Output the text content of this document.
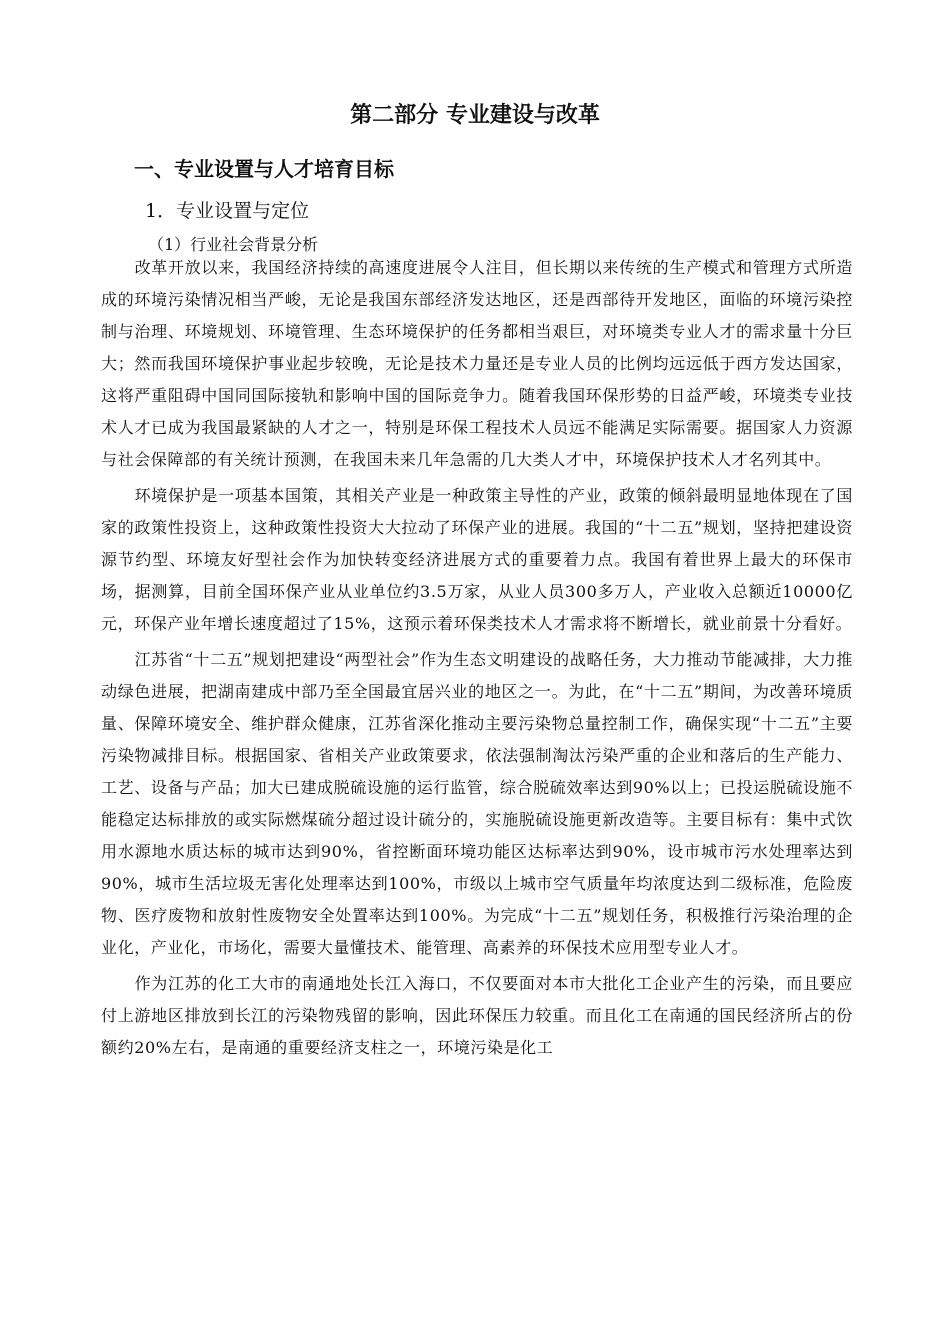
第二部分 专业建设与改革
一、专业设置与人才培育目标
1．专业设置与定位
（1）行业社会背景分析

改革开放以来，我国经济持续的高速度进展令人注目，但长期以来传统的生产模式和管理方式所造成的环境污染情况相当严峻，无论是我国东部经济发达地区，还是西部待开发地区，面临的环境污染控制与治理、环境规划、环境管理、生态环境保护的任务都相当艰巨，对环境类专业人才的需求量十分巨大；然而我国环境保护事业起步较晚，无论是技术力量还是专业人员的比例均远远低于西方发达国家，这将严重阻碍中国同国际接轨和影响中国的国际竞争力。随着我国环保形势的日益严峻，环境类专业技术人才已成为我国最紧缺的人才之一，特别是环保工程技术人员远不能满足实际需要。据国家人力资源与社会保障部的有关统计预测，在我国未来几年急需的几大类人才中，环境保护技术人才名列其中。

环境保护是一项基本国策，其相关产业是一种政策主导性的产业，政策的倾斜最明显地体现在了国家的政策性投资上，这种政策性投资大大拉动了环保产业的进展。我国的“十二五”规划，坚持把建设资源节约型、环境友好型社会作为加快转变经济进展方式的重要着力点。我国有着世界上最大的环保市场，据测算，目前全国环保产业从业单位约3.5万家，从业人员300多万人，产业收入总额近10000亿元，环保产业年增长速度超过了15%，这预示着环保类技术人才需求将不断增长，就业前景十分看好。

江苏省“十二五”规划把建设“两型社会”作为生态文明建设的战略任务，大力推动节能减排，大力推动绿色进展，把湖南建成中部乃至全国最宜居兴业的地区之一。为此，在“十二五”期间，为改善环境质量、保障环境安全、维护群众健康，江苏省深化推动主要污染物总量控制工作，确保实现“十二五”主要污染物减排目标。根据国家、省相关产业政策要求，依法强制淘汰污染严重的企业和落后的生产能力、工艺、设备与产品；加大已建成脱硫设施的运行监管，综合脱硫效率达到90%以上；已投运脱硫设施不能稳定达标排放的或实际燃煤硫分超过设计硫分的，实施脱硫设施更新改造等。主要目标有：集中式饮用水源地水质达标的城市达到90%，省控断面环境功能区达标率达到90%，设市城市污水处理率达到90%，城市生活垃圾无害化处理率达到100%，市级以上城市空气质量年均浓度达到二级标准，危险废物、医疗废物和放射性废物安全处置率达到100%。为完成“十二五”规划任务，积极推行污染治理的企业化，产业化，市场化，需要大量懂技术、能管理、高素养的环保技术应用型专业人才。

作为江苏的化工大市的南通地处长江入海口，不仅要面对本市大批化工企业产生的污染，而且要应付上游地区排放到长江的污染物残留的影响，因此环保压力较重。而且化工在南通的国民经济所占的份额约20%左右，是南通的重要经济支柱之一，环境污染是化工
